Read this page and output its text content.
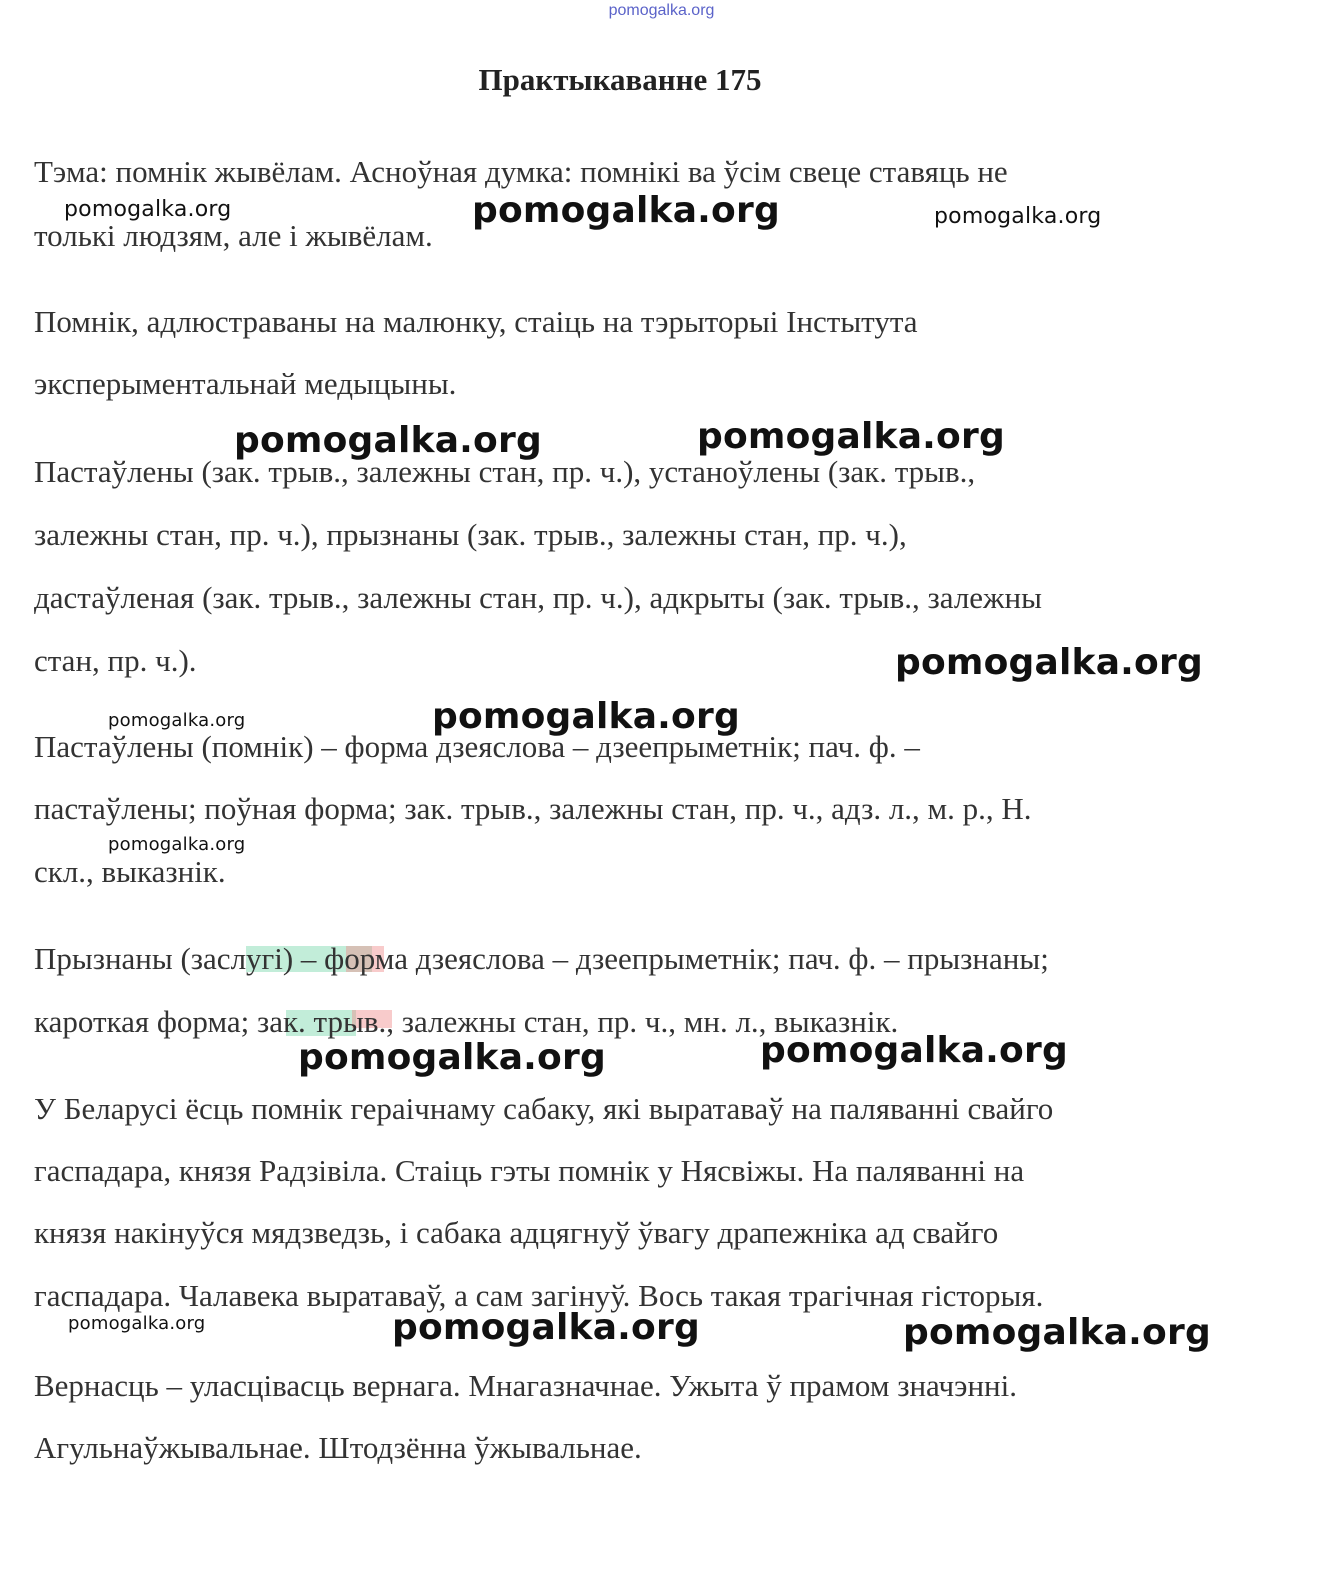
pomogalka.org
Практыкаванне 175
Тэма: помнік жывёлам. Асноўная думка: помнікі ва ўсім свеце ставяць не
толькі людзям, але і жывёлам.
Помнік, адлюстраваны на малюнку, стаіць на тэрыторыі Інстытута
эксперыментальнай медыцыны.
Пастаўлены (зак. трыв., залежны стан, пр. ч.), устаноўлены (зак. трыв.,
залежны стан, пр. ч.), прызнаны (зак. трыв., залежны стан, пр. ч.),
дастаўленая (зак. трыв., залежны стан, пр. ч.), адкрыты (зак. трыв., залежны
стан, пр. ч.).
Пастаўлены (помнік) – форма дзеяслова – дзеепрыметнік; пач. ф. –
пастаўлены; поўная форма; зак. трыв., залежны стан, пр. ч., адз. л., м. р., Н.
скл., выказнік.
Прызнаны (заслугі) – форма дзеяслова – дзеепрыметнік; пач. ф. – прызнаны;
кароткая форма; зак. трыв., залежны стан, пр. ч., мн. л., выказнік.
У Беларусі ёсць помнік гераічнаму сабаку, які выратаваў на паляванні свайго
гаспадара, князя Радзівіла. Стаіць гэты помнік у Нясвіжы. На паляванні на
князя накінуўся мядзведзь, і сабака адцягнуў ўвагу драпежніка ад свайго
гаспадара. Чалавека выратаваў, а сам загінуў. Вось такая трагічная гісторыя.
Вернасць – уласцівасць вернага. Мнагазначнае. Ужыта ў прамом значэнні.
Агульнаўжывальнае. Штодзённа ўжывальнае.
pomogalka.org	pomogalka.org	pomogalka.org
pomogalka.org	pomogalka.org
pomogalka.org
pomogalka.org	pomogalka.org
pomogalka.org
pomogalka.org	pomogalka.org
pomogalka.org	pomogalka.org	pomogalka.org
